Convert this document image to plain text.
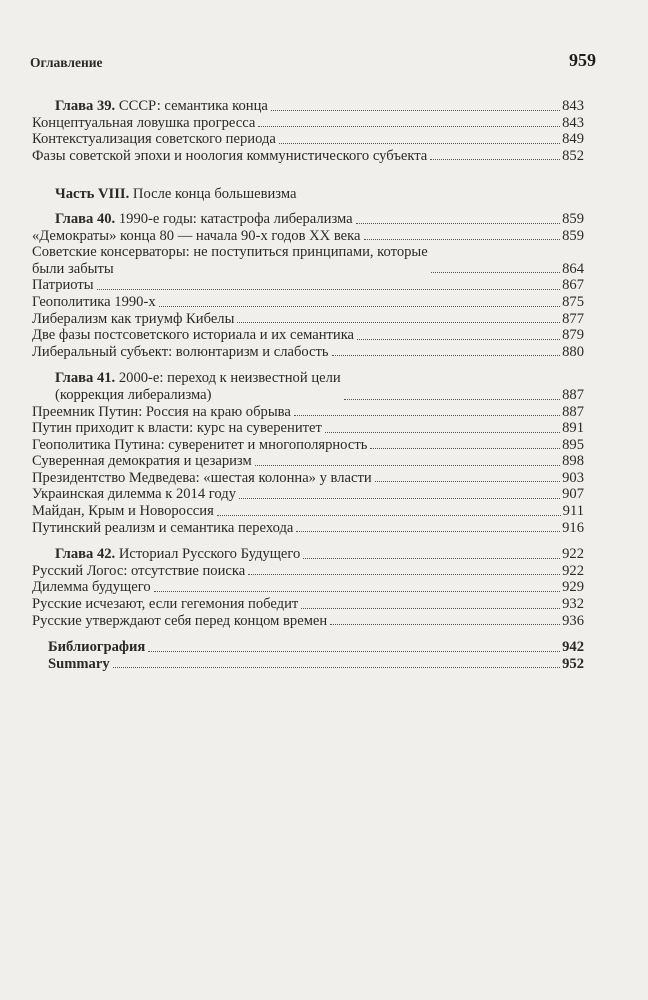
Оглавление	959
Глава 39. СССР: семантика конца	843
Концептуальная ловушка прогресса	843
Контекстуализация советского периода	849
Фазы советской эпохи и ноология коммунистического субъекта	852
Часть VIII. После конца большевизма
Глава 40. 1990-е годы: катастрофа либерализма	859
«Демократы» конца 80 — начала 90-х годов XX века	859
Советские консерваторы: не поступиться принципами, которые
были забыты	864
Патриоты	867
Геополитика 1990-х	875
Либерализм как триумф Кибелы	877
Две фазы постсоветского историала и их семантика	879
Либеральный субъект: волюнтаризм и слабость	880
Глава 41. 2000-е: переход к неизвестной цели
(коррекция либерализма)	887
Преемник Путин: Россия на краю обрыва	887
Путин приходит к власти: курс на суверенитет	891
Геополитика Путина: суверенитет и многополярность	895
Суверенная демократия и цезаризм	898
Президентство Медведева: «шестая колонна» у власти	903
Украинская дилемма к 2014 году	907
Майдан, Крым и Новороссия	911
Путинский реализм и семантика перехода	916
Глава 42. Историал Русского Будущего	922
Русский Логос: отсутствие поиска	922
Дилемма будущего	929
Русские исчезают, если гегемония победит	932
Русские утверждают себя перед концом времен	936
Библиография	942
Summary	952
